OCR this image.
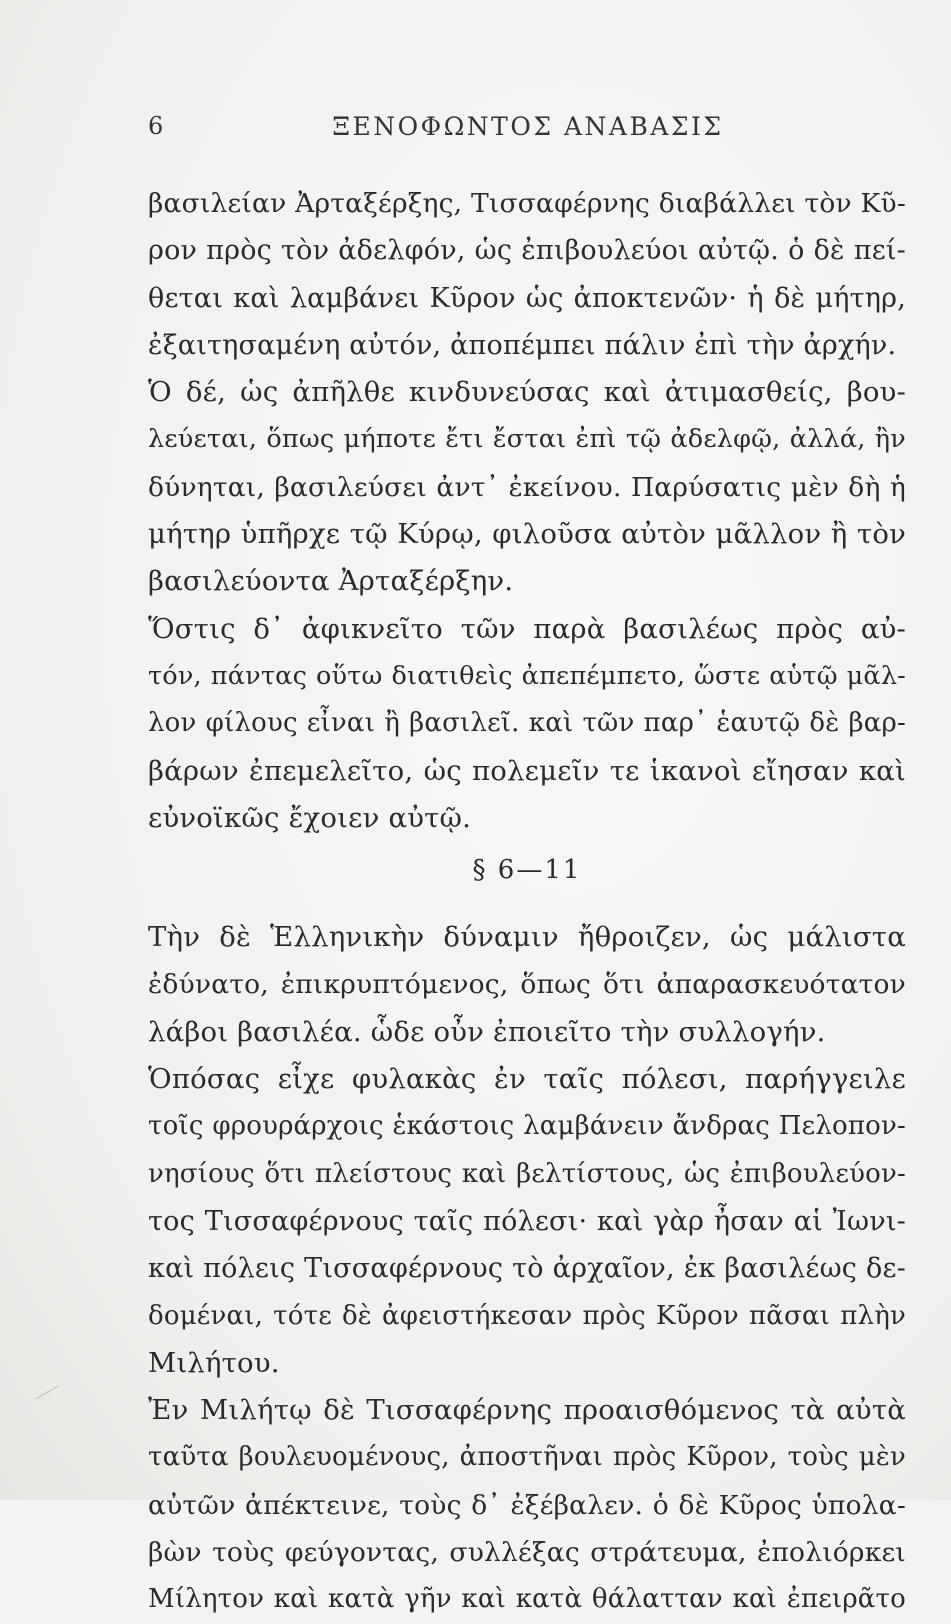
6	ΞΕΝΟΦΩΝΤΟΣ ΑΝΑΒΑΣΙΣ
βασιλείαν Ἀρταξέρξης, Τισσαφέρνης διαβάλλει τὸν Κῦ-
ρον πρὸς τὸν ἀδελφόν, ὡς ἐπιβουλεύοι αὐτῷ. ὁ δὲ πεί-
θεται καὶ λαμβάνει Κῦρον ὡς ἀποκτενῶν· ἡ δὲ μήτηρ,
ἐξαιτησαμένη αὐτόν, ἀποπέμπει πάλιν ἐπὶ τὴν ἀρχήν.
Ὁ δέ, ὡς ἀπῆλθε κινδυνεύσας καὶ ἀτιμασθείς, βου-
λεύεται, ὅπως μήποτε ἔτι ἔσται ἐπὶ τῷ ἀδελφῷ, ἀλλά, ἢν
δύνηται, βασιλεύσει ἀντ᾽ ἐκείνου. Παρύσατις μὲν δὴ ἡ
μήτηρ ὑπῆρχε τῷ Κύρῳ, φιλοῦσα αὐτὸν μᾶλλον ἢ τὸν
βασιλεύοντα Ἀρταξέρξην.
Ὅστις δ᾽ ἀφικνεῖτο τῶν παρὰ βασιλέως πρὸς αὐ-
τόν, πάντας οὕτω διατιθεὶς ἀπεπέμπετο, ὥστε αὑτῷ μᾶλ-
λον φίλους εἶναι ἢ βασιλεῖ. καὶ τῶν παρ᾽ ἑαυτῷ δὲ βαρ-
βάρων ἐπεμελεῖτο, ὡς πολεμεῖν τε ἱκανοὶ εἴησαν καὶ
εὐνοϊκῶς ἔχοιεν αὐτῷ.
§ 6—11
Τὴν δὲ Ἑλληνικὴν δύναμιν ἤθροιζεν, ὡς μάλιστα
ἐδύνατο, ἐπικρυπτόμενος, ὅπως ὅτι ἀπαρασκευότατον
λάβοι βασιλέα. ὧδε οὖν ἐποιεῖτο τὴν συλλογήν.
Ὁπόσας εἶχε φυλακὰς ἐν ταῖς πόλεσι, παρήγγειλε
τοῖς φρουράρχοις ἑκάστοις λαμβάνειν ἄνδρας Πελοπον-
νησίους ὅτι πλείστους καὶ βελτίστους, ὡς ἐπιβουλεύον-
τος Τισσαφέρνους ταῖς πόλεσι· καὶ γὰρ ἦσαν αἱ Ἰωνι-
καὶ πόλεις Τισσαφέρνους τὸ ἀρχαῖον, ἐκ βασιλέως δε-
δομέναι, τότε δὲ ἀφειστήκεσαν πρὸς Κῦρον πᾶσαι πλὴν
Μιλήτου.
Ἐν Μιλήτῳ δὲ Τισσαφέρνης προαισθόμενος τὰ αὐτὰ
ταῦτα βουλευομένους, ἀποστῆναι πρὸς Κῦρον, τοὺς μὲν
αὐτῶν ἀπέκτεινε, τοὺς δ᾽ ἐξέβαλεν. ὁ δὲ Κῦρος ὑπολα-
βὼν τοὺς φεύγοντας, συλλέξας στράτευμα, ἐπολιόρκει
Μίλητον καὶ κατὰ γῆν καὶ κατὰ θάλατταν καὶ ἐπειρᾶτο
